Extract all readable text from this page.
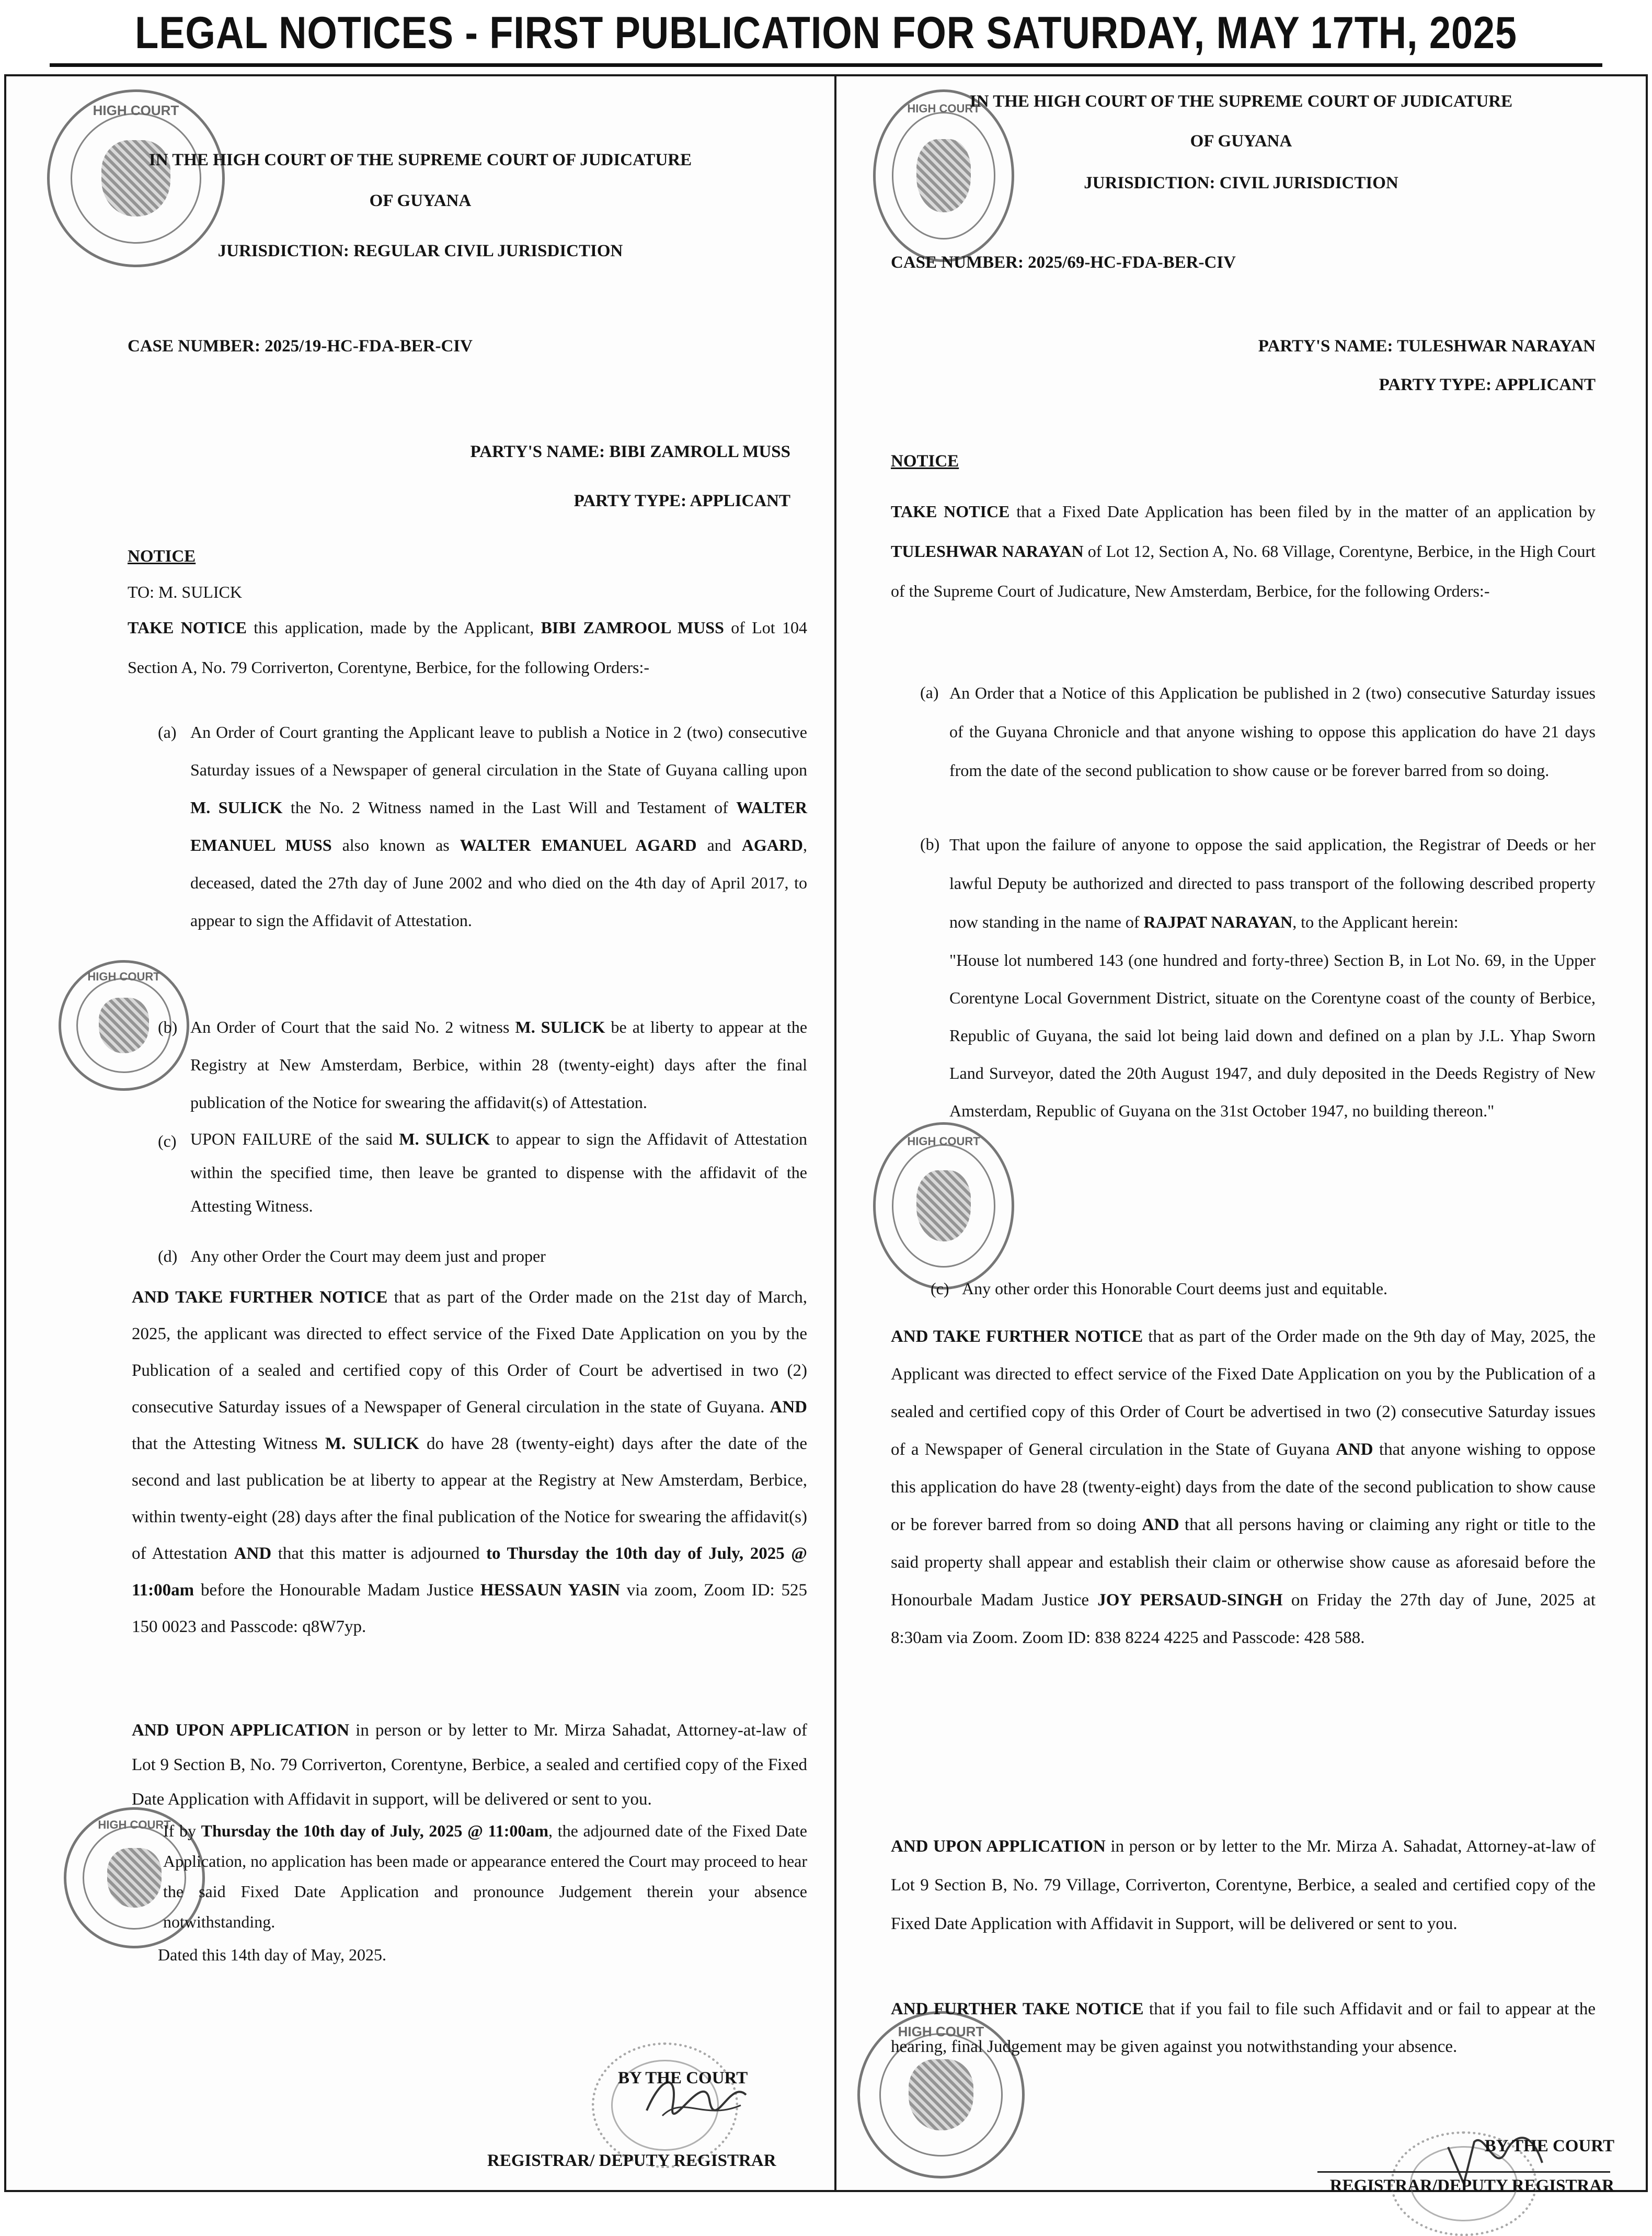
LEGAL NOTICES - FIRST PUBLICATION FOR SATURDAY, MAY 17TH, 2025
HIGH COURT
IN THE HIGH COURT OF THE SUPREME COURT OF JUDICATURE
OF GUYANA
JURISDICTION: REGULAR CIVIL JURISDICTION
CASE NUMBER: 2025/19-HC-FDA-BER-CIV
PARTY'S NAME: BIBI ZAMROLL MUSS
PARTY TYPE: APPLICANT
NOTICE
TO: M. SULICK
TAKE NOTICE this application, made by the Applicant, BIBI ZAMROOL MUSS of Lot 104 Section A, No. 79 Corriverton, Corentyne, Berbice, for the following Orders:-
(a) An Order of Court granting the Applicant leave to publish a Notice in 2 (two) consecutive Saturday issues of a Newspaper of general circulation in the State of Guyana calling upon M. SULICK the No. 2 Witness named in the Last Will and Testament of WALTER EMANUEL MUSS also known as WALTER EMANUEL AGARD and AGARD, deceased, dated the 27th day of June 2002 and who died on the 4th day of April 2017, to appear to sign the Affidavit of Attestation.
HIGH COURT
(b) An Order of Court that the said No. 2 witness M. SULICK be at liberty to appear at the Registry at New Amsterdam, Berbice, within 28 (twenty-eight) days after the final publication of the Notice for swearing the affidavit(s) of Attestation.
(c) UPON FAILURE of the said M. SULICK to appear to sign the Affidavit of Attestation within the specified time, then leave be granted to dispense with the affidavit of the Attesting Witness.
(d) Any other Order the Court may deem just and proper
AND TAKE FURTHER NOTICE that as part of the Order made on the 21st day of March, 2025, the applicant was directed to effect service of the Fixed Date Application on you by the Publication of a sealed and certified copy of this Order of Court be advertised in two (2) consecutive Saturday issues of a Newspaper of General circulation in the state of Guyana. AND that the Attesting Witness M. SULICK do have 28 (twenty-eight) days after the date of the second and last publication be at liberty to appear at the Registry at New Amsterdam, Berbice, within twenty-eight (28) days after the final publication of the Notice for swearing the affidavit(s) of Attestation AND that this matter is adjourned to Thursday the 10th day of July, 2025 @ 11:00am before the Honourable Madam Justice HESSAUN YASIN via zoom, Zoom ID: 525 150 0023 and Passcode: q8W7yp.
AND UPON APPLICATION in person or by letter to Mr. Mirza Sahadat, Attorney-at-law of Lot 9 Section B, No. 79 Corriverton, Corentyne, Berbice, a sealed and certified copy of the Fixed Date Application with Affidavit in support, will be delivered or sent to you.
HIGH COURT
If by Thursday the 10th day of July, 2025 @ 11:00am, the adjourned date of the Fixed Date Application, no application has been made or appearance entered the Court may proceed to hear the said Fixed Date Application and pronounce Judgement therein your absence notwithstanding.
Dated this 14th day of May, 2025.
BY THE COURT
REGISTRAR/ DEPUTY REGISTRAR
HIGH COURT
IN THE HIGH COURT OF THE SUPREME COURT OF JUDICATURE
OF GUYANA
JURISDICTION: CIVIL JURISDICTION
CASE NUMBER: 2025/69-HC-FDA-BER-CIV
PARTY'S NAME: TULESHWAR NARAYAN
PARTY TYPE: APPLICANT
NOTICE
TAKE NOTICE that a Fixed Date Application has been filed by in the matter of an application by TULESHWAR NARAYAN of Lot 12, Section A, No. 68 Village, Corentyne, Berbice, in the High Court of the Supreme Court of Judicature, New Amsterdam, Berbice, for the following Orders:-
(a) An Order that a Notice of this Application be published in 2 (two) consecutive Saturday issues of the Guyana Chronicle and that anyone wishing to oppose this application do have 21 days from the date of the second publication to show cause or be forever barred from so doing.
(b) That upon the failure of anyone to oppose the said application, the Registrar of Deeds or her lawful Deputy be authorized and directed to pass transport of the following described property now standing in the name of RAJPAT NARAYAN, to the Applicant herein:
"House lot numbered 143 (one hundred and forty-three) Section B, in Lot No. 69, in the Upper Corentyne Local Government District, situate on the Corentyne coast of the county of Berbice, Republic of Guyana, the said lot being laid down and defined on a plan by J.L. Yhap Sworn Land Surveyor, dated the 20th August 1947, and duly deposited in the Deeds Registry of New Amsterdam, Republic of Guyana on the 31st October 1947, no building thereon."
HIGH COURT
(c) Any other order this Honorable Court deems just and equitable.
AND TAKE FURTHER NOTICE that as part of the Order made on the 9th day of May, 2025, the Applicant was directed to effect service of the Fixed Date Application on you by the Publication of a sealed and certified copy of this Order of Court be advertised in two (2) consecutive Saturday issues of a Newspaper of General circulation in the State of Guyana AND that anyone wishing to oppose this application do have 28 (twenty-eight) days from the date of the second publication to show cause or be forever barred from so doing AND that all persons having or claiming any right or title to the said property shall appear and establish their claim or otherwise show cause as aforesaid before the Honourbale Madam Justice JOY PERSAUD-SINGH on Friday the 27th day of June, 2025 at 8:30am via Zoom. Zoom ID: 838 8224 4225 and Passcode: 428 588.
AND UPON APPLICATION in person or by letter to the Mr. Mirza A. Sahadat, Attorney-at-law of Lot 9 Section B, No. 79 Village, Corriverton, Corentyne, Berbice, a sealed and certified copy of the Fixed Date Application with Affidavit in Support, will be delivered or sent to you.
HIGH COURT
AND FURTHER TAKE NOTICE that if you fail to file such Affidavit and or fail to appear at the hearing, final Judgement may be given against you notwithstanding your absence.
BY THE COURT
REGISTRAR/DEPUTY REGISTRAR
